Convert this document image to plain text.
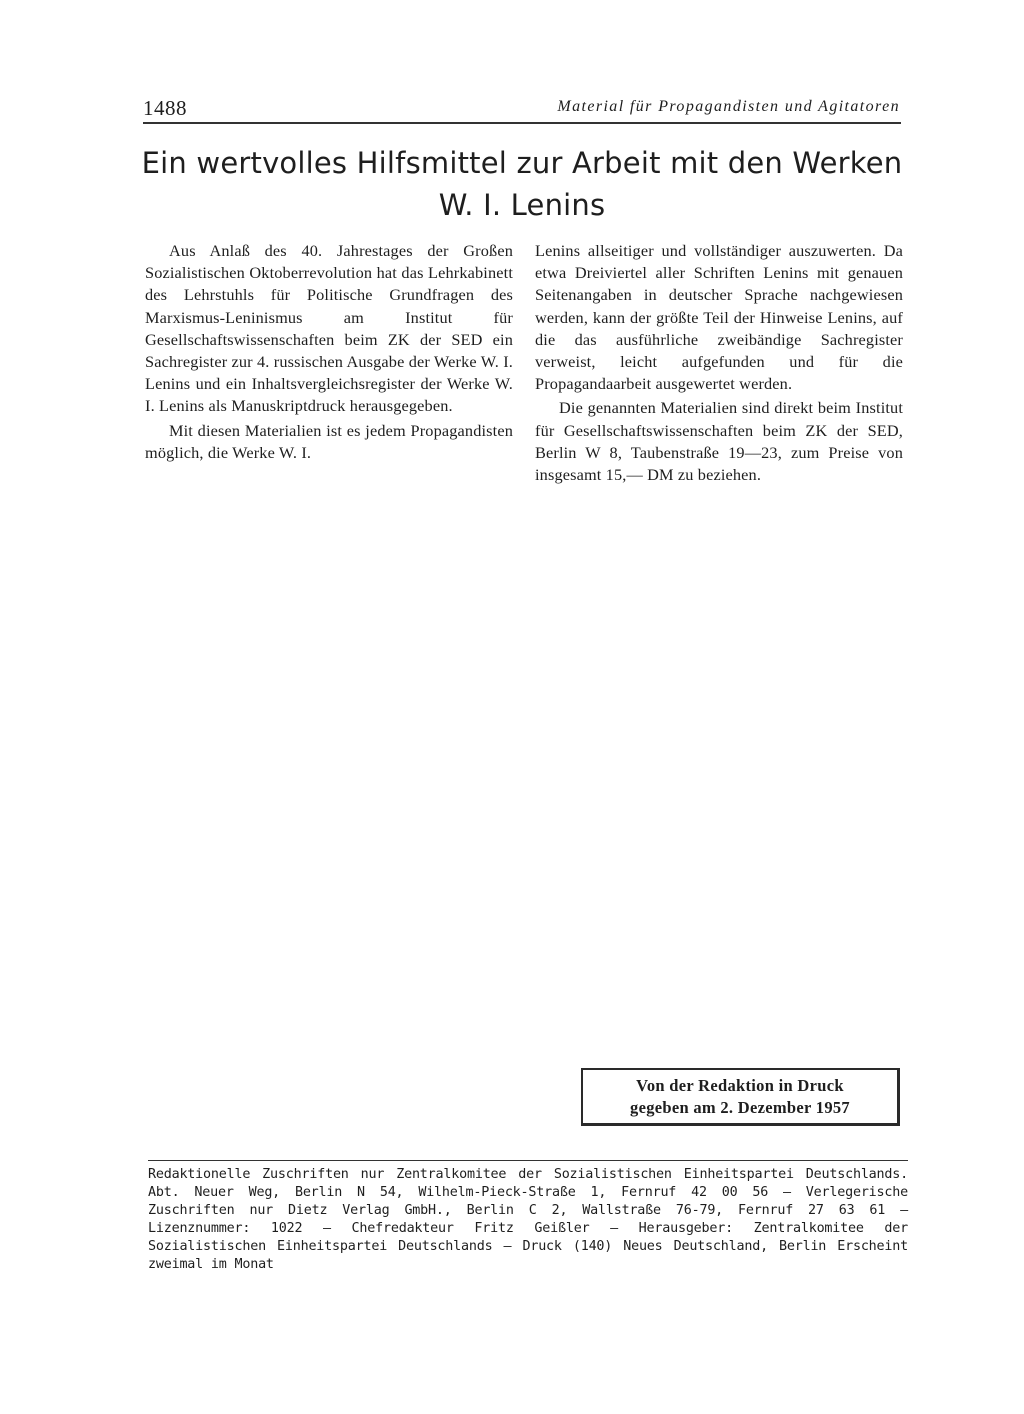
1488	Material für Propagandisten und Agitatoren
Ein wertvolles Hilfsmittel zur Arbeit mit den Werken W. I. Lenins

Aus Anlaß des 40. Jahrestages der Großen Sozialistischen Oktoberrevolution hat das Lehrkabinett des Lehrstuhls für Politische Grundfragen des Marxismus-Leninismus am Institut für Gesellschaftswissenschaften beim ZK der SED ein Sachregister zur 4. russischen Ausgabe der Werke W. I. Lenins und ein Inhaltsvergleichsregister der Werke W. I. Lenins als Manuskriptdruck herausgegeben.

Mit diesen Materialien ist es jedem Propagandisten möglich, die Werke W. I.

Lenins allseitiger und vollständiger auszuwerten. Da etwa Dreiviertel aller Schriften Lenins mit genauen Seitenangaben in deutscher Sprache nachgewiesen werden, kann der größte Teil der Hinweise Lenins, auf die das ausführliche zweibändige Sachregister verweist, leicht aufgefunden und für die Propagandaarbeit ausgewertet werden.

Die genannten Materialien sind direkt beim Institut für Gesellschaftswissenschaften beim ZK der SED, Berlin W 8, Taubenstraße 19—23, zum Preise von insgesamt 15,— DM zu beziehen.

Von der Redaktion in Druck
gegeben am 2. Dezember 1957

Redaktionelle Zuschriften nur Zentralkomitee der Sozialistischen Einheitspartei Deutschlands. Abt. Neuer Weg, Berlin N 54, Wilhelm-Pieck-Straße 1, Fernruf 42 00 56 – Verlegerische Zuschriften nur Dietz Verlag GmbH., Berlin C 2, Wallstraße 76-79, Fernruf 27 63 61 – Lizenznummer: 1022 – Chefredakteur Fritz Geißler – Herausgeber: Zentralkomitee der Sozialistischen Einheitspartei Deutschlands – Druck (140) Neues Deutschland, Berlin Erscheint zweimal im Monat
